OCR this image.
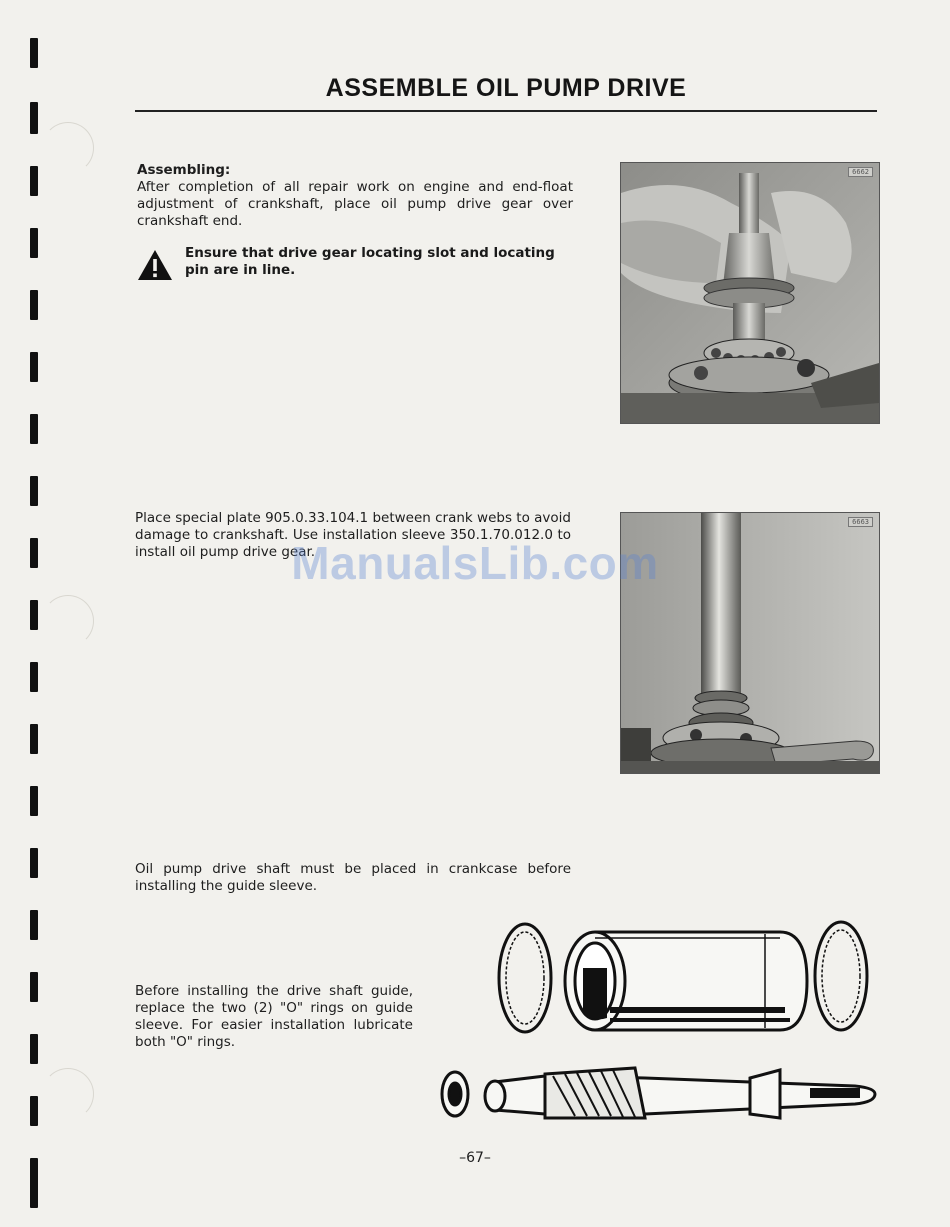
ASSEMBLE OIL PUMP DRIVE
Assembling:
After completion of all repair work on engine and end-float adjustment of crankshaft, place oil pump drive gear over crankshaft end.
Ensure that drive gear locating slot and locating pin are in line.
6662
Place special plate 905.0.33.104.1 between crank webs to avoid damage to crankshaft. Use installation sleeve 350.1.70.012.0 to install oil pump drive gear.
6663
Oil pump drive shaft must be placed in crankcase before installing the guide sleeve.
Before installing the drive shaft guide, replace the two (2) "O" rings on guide sleeve. For easier installation lubricate both "O" rings.
ManualsLib.com
–67–
